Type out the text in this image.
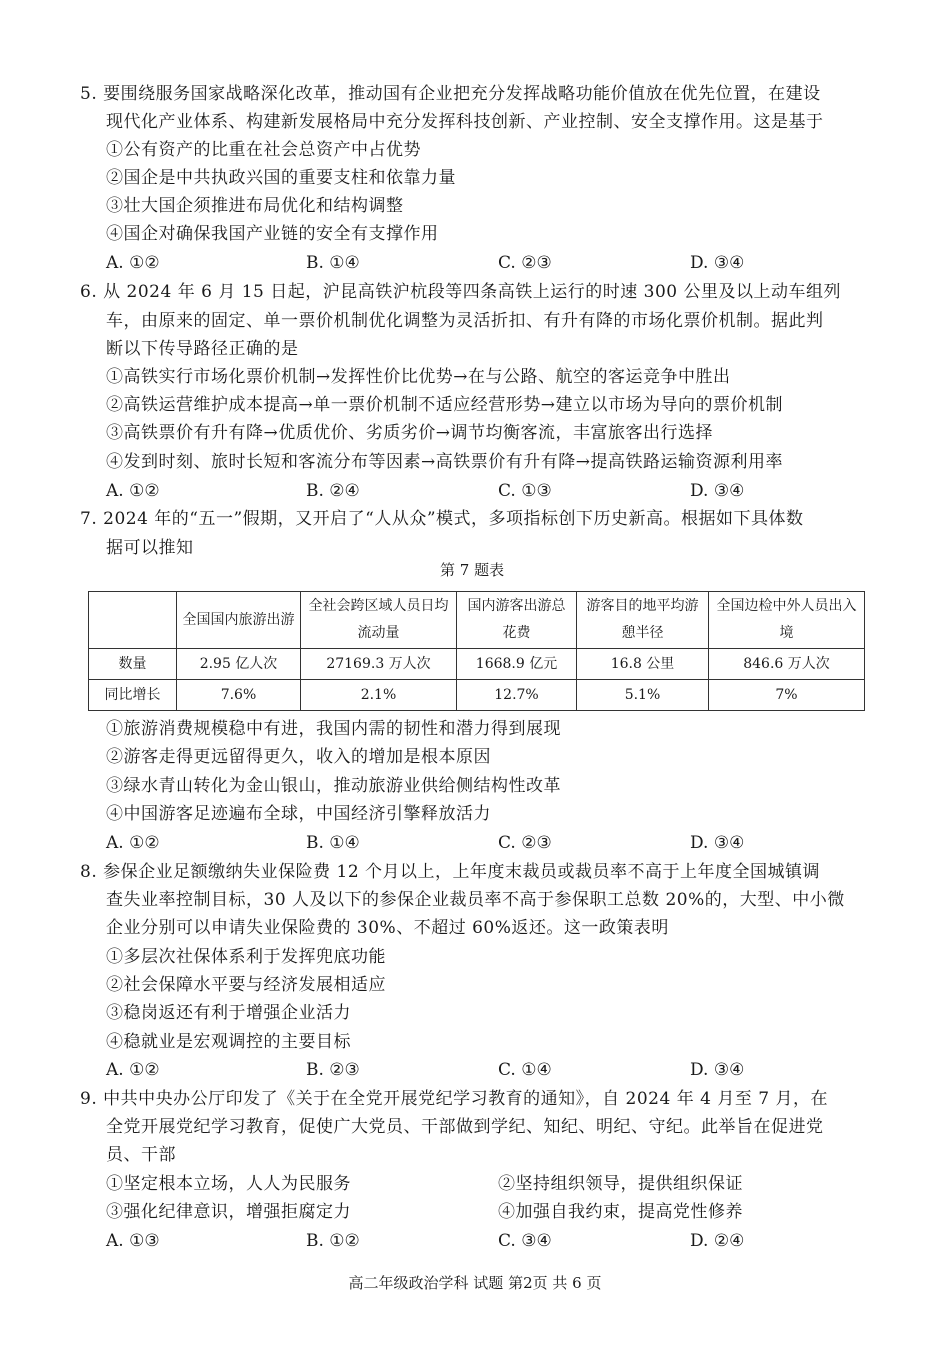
5. 要围绕服务国家战略深化改革，推动国有企业把充分发挥战略功能价值放在优先位置，在建设
现代化产业体系、构建新发展格局中充分发挥科技创新、产业控制、安全支撑作用。这是基于
①公有资产的比重在社会总资产中占优势
②国企是中共执政兴国的重要支柱和依靠力量
③壮大国企须推进布局优化和结构调整
④国企对确保我国产业链的安全有支撑作用
A. ①②	B. ①④	C. ②③	D. ③④
6. 从 2024 年 6 月 15 日起，沪昆高铁沪杭段等四条高铁上运行的时速 300 公里及以上动车组列
车，由原来的固定、单一票价机制优化调整为灵活折扣、有升有降的市场化票价机制。据此判
断以下传导路径正确的是
①高铁实行市场化票价机制→发挥性价比优势→在与公路、航空的客运竞争中胜出
②高铁运营维护成本提高→单一票价机制不适应经营形势→建立以市场为导向的票价机制
③高铁票价有升有降→优质优价、劣质劣价→调节均衡客流，丰富旅客出行选择
④发到时刻、旅时长短和客流分布等因素→高铁票价有升有降→提高铁路运输资源利用率
A. ①②	B. ②④	C. ①③	D. ③④
7. 2024 年的“五一”假期，又开启了“人从众”模式，多项指标创下历史新高。根据如下具体数
据可以推知
第 7 题表
	全国国内旅游出游	全社会跨区域人员日均流动量	国内游客出游总花费	游客目的地平均游憩半径	全国边检中外人员出入境
数量	2.95 亿人次	27169.3 万人次	1668.9 亿元	16.8 公里	846.6 万人次
同比增长	7.6%	2.1%	12.7%	5.1%	7%
①旅游消费规模稳中有进，我国内需的韧性和潜力得到展现
②游客走得更远留得更久，收入的增加是根本原因
③绿水青山转化为金山银山，推动旅游业供给侧结构性改革
④中国游客足迹遍布全球，中国经济引擎释放活力
A. ①②	B. ①④	C. ②③	D. ③④
8. 参保企业足额缴纳失业保险费 12 个月以上，上年度末裁员或裁员率不高于上年度全国城镇调
查失业率控制目标，30 人及以下的参保企业裁员率不高于参保职工总数 20%的，大型、中小微
企业分别可以申请失业保险费的 30%、不超过 60%返还。这一政策表明
①多层次社保体系利于发挥兜底功能
②社会保障水平要与经济发展相适应
③稳岗返还有利于增强企业活力
④稳就业是宏观调控的主要目标
A. ①②	B. ②③	C. ①④	D. ③④
9. 中共中央办公厅印发了《关于在全党开展党纪学习教育的通知》，自 2024 年 4 月至 7 月，在
全党开展党纪学习教育，促使广大党员、干部做到学纪、知纪、明纪、守纪。此举旨在促进党
员、干部
①坚定根本立场，人人为民服务	②坚持组织领导，提供组织保证
③强化纪律意识，增强拒腐定力	④加强自我约束，提高党性修养
A. ①③	B. ①②	C. ③④	D. ②④
高二年级政治学科 试题 第2页 共 6 页
